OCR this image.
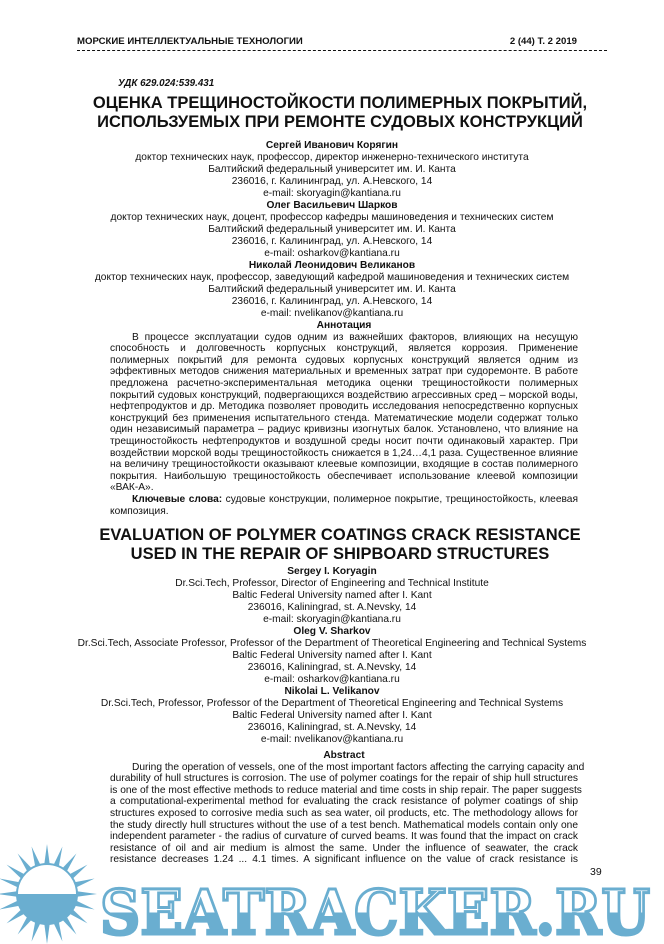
МОРСКИЕ ИНТЕЛЛЕКТУАЛЬНЫЕ ТЕХНОЛОГИИ	2 (44) Т. 2 2019
УДК 629.024:539.431
ОЦЕНКА ТРЕЩИНОСТОЙКОСТИ ПОЛИМЕРНЫХ ПОКРЫТИЙ,
ИСПОЛЬЗУЕМЫХ ПРИ РЕМОНТЕ СУДОВЫХ КОНСТРУКЦИЙ
Сергей Иванович Корягин
доктор технических наук, профессор, директор инженерно-технического института
Балтийский федеральный университет им. И. Канта
236016, г. Калининград, ул. А.Невского, 14
e-mail: skoryagin@kantiana.ru
Олег Васильевич Шарков
доктор технических наук, доцент, профессор кафедры машиноведения и технических систем
Балтийский федеральный университет им. И. Канта
236016, г. Калининград, ул. А.Невского, 14
e-mail: osharkov@kantiana.ru
Николай Леонидович Великанов
доктор технических наук, профессор, заведующий кафедрой машиноведения и технических систем
Балтийский федеральный университет им. И. Канта
236016, г. Калининград, ул. А.Невского, 14
e-mail: nvelikanov@kantiana.ru
Аннотация
В процессе эксплуатации судов одним из важнейших факторов, влияющих на несущую
способность и долговечность корпусных конструкций, является коррозия. Применение
полимерных покрытий для ремонта судовых корпусных конструкций является одним из
эффективных методов снижения материальных и временных затрат при судоремонте. В работе
предложена расчетно-экспериментальная методика оценки трещиностойкости полимерных
покрытий судовых конструкций, подвергающихся воздействию агрессивных сред – морской воды,
нефтепродуктов и др. Методика позволяет проводить исследования непосредственно корпусных
конструкций без применения испытательного стенда. Математические модели содержат только
один независимый параметра – радиус кривизны изогнутых балок. Установлено, что влияние на
трещиностойкость нефтепродуктов и воздушной среды носит почти одинаковый характер. При
воздействии морской воды трещиностойкость снижается в 1,24…4,1 раза. Существенное влияние
на величину трещиностойкости оказывают клеевые композиции, входящие в состав полимерного
покрытия. Наибольшую трещиностойкость обеспечивает использование клеевой композиции
«ВАК-А».
Ключевые слова: судовые конструкции, полимерное покрытие, трещиностойкость, клеевая
композиция.
EVALUATION OF POLYMER COATINGS CRACK RESISTANCE
USED IN THE REPAIR OF SHIPBOARD STRUCTURES
Sergey I. Koryagin
Dr.Sci.Tech, Professor, Director of Engineering and Technical Institute
Baltic Federal University named after I. Kant
236016, Kaliningrad, st. A.Nevsky, 14
e-mail: skoryagin@kantiana.ru
Oleg V. Sharkov
Dr.Sci.Tech, Associate Professor, Professor of the Department of Theoretical Engineering and Technical Systems
Baltic Federal University named after I. Kant
236016, Kaliningrad, st. A.Nevsky, 14
e-mail: osharkov@kantiana.ru
Nikolai L. Velikanov
Dr.Sci.Tech, Professor, Professor of the Department of Theoretical Engineering and Technical Systems
Baltic Federal University named after I. Kant
236016, Kaliningrad, st. A.Nevsky, 14
e-mail: nvelikanov@kantiana.ru
Abstract
During the operation of vessels, one of the most important factors affecting the carrying capacity and
durability of hull structures is corrosion. The use of polymer coatings for the repair of ship hull structures
is one of the most effective methods to reduce material and time costs in ship repair. The paper suggests
a computational-experimental method for evaluating the crack resistance of polymer coatings of ship
structures exposed to corrosive media such as sea water, oil products, etc. The methodology allows for
the study directly hull structures without the use of a test bench. Mathematical models contain only one
independent parameter - the radius of curvature of curved beams. It was found that the impact on crack
resistance of oil and air medium is almost the same. Under the influence of seawater, the crack
resistance decreases 1.24 ... 4.1 times. A significant influence on the value of crack resistance is
SEATRACKER.RU
39
